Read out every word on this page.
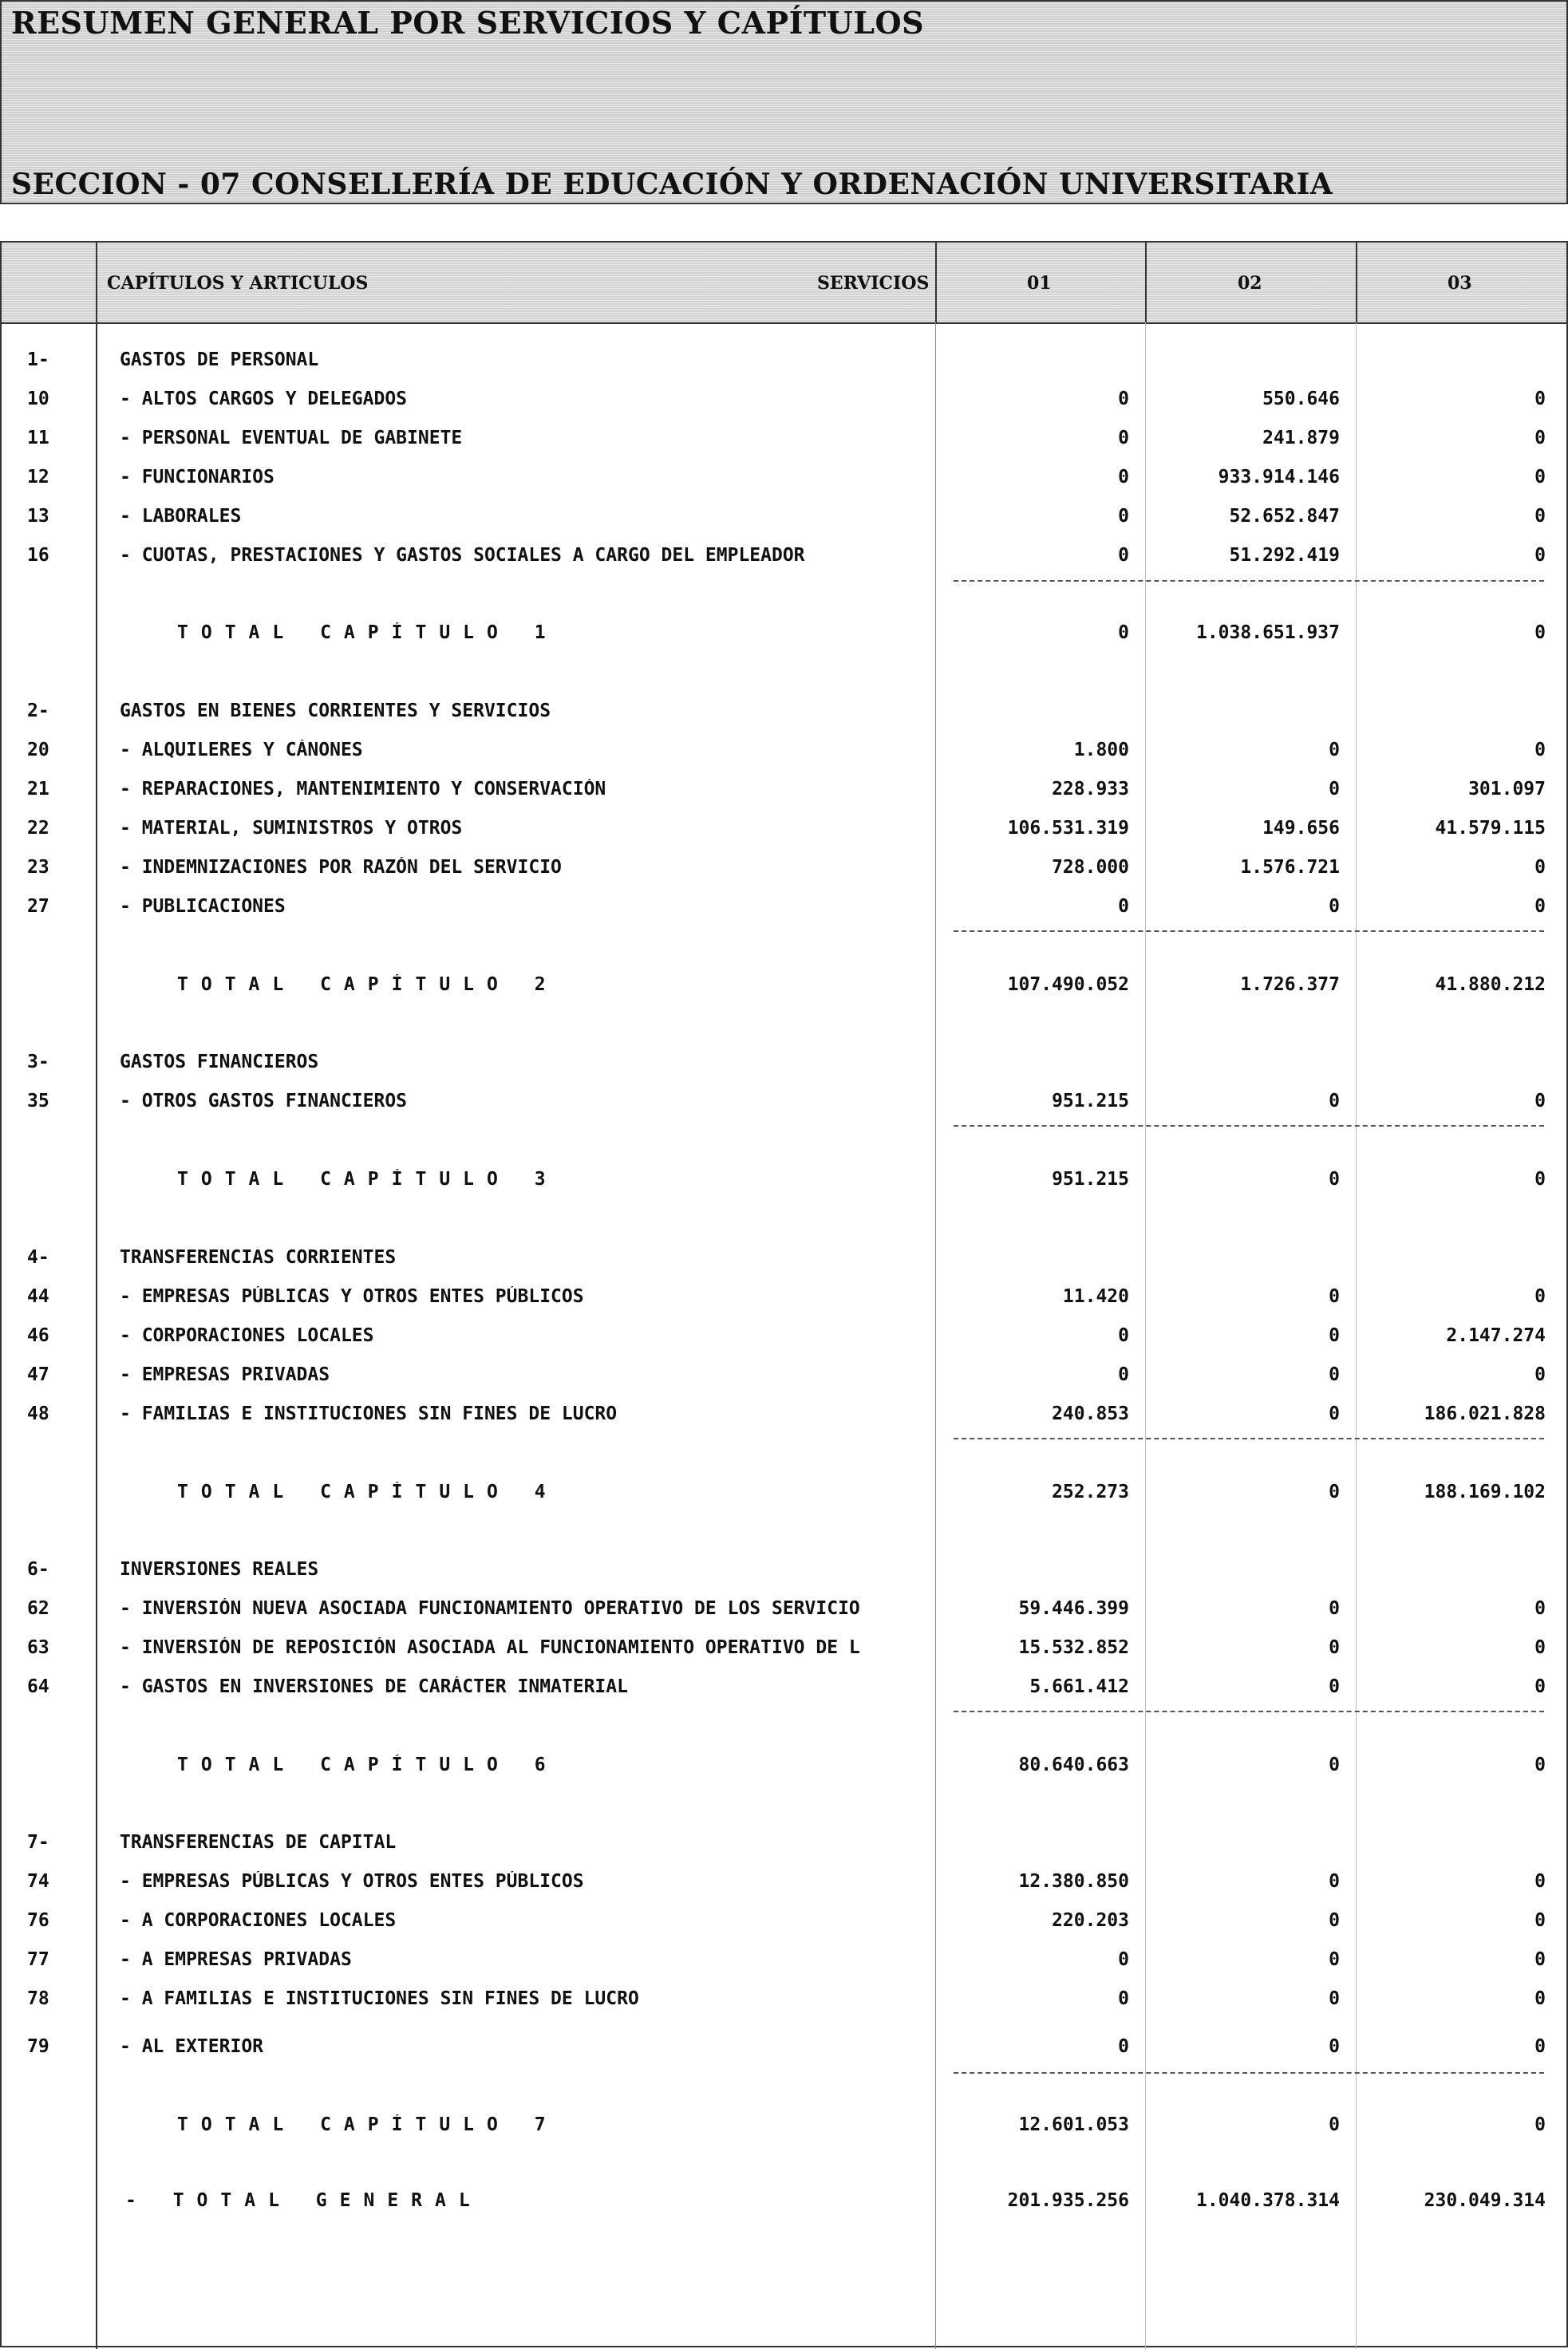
RESUMEN GENERAL POR SERVICIOS Y CAPÍTULOS
SECCION - 07 CONSELLERÍA DE EDUCACIÓN Y ORDENACIÓN UNIVERSITARIA
CAPÍTULOS Y ARTICULOS	SERVICIOS	01	02	03
1-	GASTOS DE PERSONAL
10	- ALTOS CARGOS Y DELEGADOS	0	550.646	0
11	- PERSONAL EVENTUAL DE GABINETE	0	241.879	0
12	- FUNCIONARIOS	0	933.914.146	0
13	- LABORALES	0	52.652.847	0
16	- CUOTAS, PRESTACIONES Y GASTOS SOCIALES A CARGO DEL EMPLEADOR	0	51.292.419	0
TOTAL CAPÍTULO 1	0	1.038.651.937	0
2-	GASTOS EN BIENES CORRIENTES Y SERVICIOS
20	- ALQUILERES Y CÁNONES	1.800	0	0
21	- REPARACIONES, MANTENIMIENTO Y CONSERVACIÓN	228.933	0	301.097
22	- MATERIAL, SUMINISTROS Y OTROS	106.531.319	149.656	41.579.115
23	- INDEMNIZACIONES POR RAZÓN DEL SERVICIO	728.000	1.576.721	0
27	- PUBLICACIONES	0	0	0
TOTAL CAPÍTULO 2	107.490.052	1.726.377	41.880.212
3-	GASTOS FINANCIEROS
35	- OTROS GASTOS FINANCIEROS	951.215	0	0
TOTAL CAPÍTULO 3	951.215	0	0
4-	TRANSFERENCIAS CORRIENTES
44	- EMPRESAS PÚBLICAS Y OTROS ENTES PÚBLICOS	11.420	0	0
46	- CORPORACIONES LOCALES	0	0	2.147.274
47	- EMPRESAS PRIVADAS	0	0	0
48	- FAMILIAS E INSTITUCIONES SIN FINES DE LUCRO	240.853	0	186.021.828
TOTAL CAPÍTULO 4	252.273	0	188.169.102
6-	INVERSIONES REALES
62	- INVERSIÓN NUEVA ASOCIADA FUNCIONAMIENTO OPERATIVO DE LOS SERVICIO	59.446.399	0	0
63	- INVERSIÓN DE REPOSICIÓN ASOCIADA AL FUNCIONAMIENTO OPERATIVO DE L	15.532.852	0	0
64	- GASTOS EN INVERSIONES DE CARÁCTER INMATERIAL	5.661.412	0	0
TOTAL CAPÍTULO 6	80.640.663	0	0
7-	TRANSFERENCIAS DE CAPITAL
74	- EMPRESAS PÚBLICAS Y OTROS ENTES PÚBLICOS	12.380.850	0	0
76	- A CORPORACIONES LOCALES	220.203	0	0
77	- A EMPRESAS PRIVADAS	0	0	0
78	- A FAMILIAS E INSTITUCIONES SIN FINES DE LUCRO	0	0	0
79	- AL EXTERIOR	0	0	0
TOTAL CAPÍTULO 7	12.601.053	0	0
- TOTAL GENERAL	201.935.256	1.040.378.314	230.049.314
